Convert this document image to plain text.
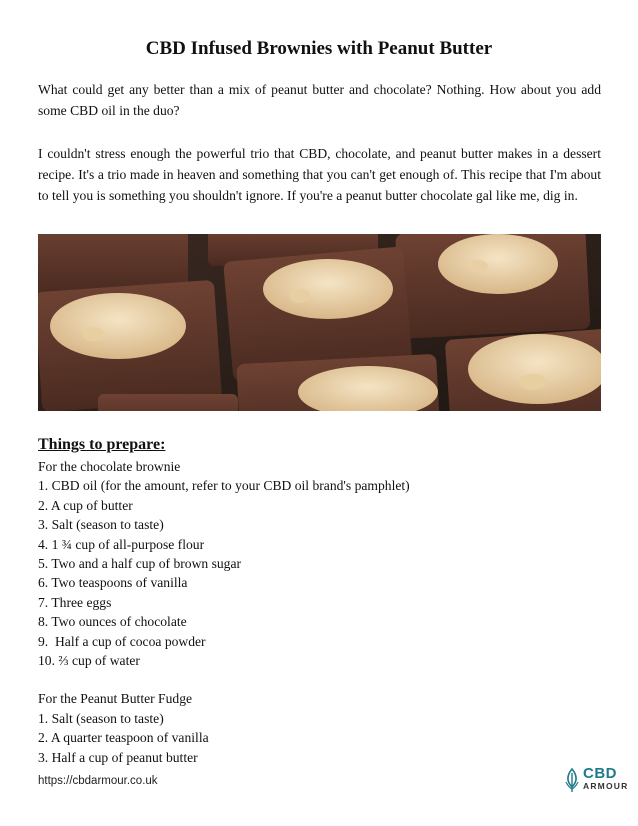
CBD Infused Brownies with Peanut Butter

What could get any better than a mix of peanut butter and chocolate? Nothing. How about you add some CBD oil in the duo?

I couldn't stress enough the powerful trio that CBD, chocolate, and peanut butter makes in a dessert recipe. It's a trio made in heaven and something that you can't get enough of. This recipe that I'm about to tell you is something you shouldn't ignore. If you're a peanut butter chocolate gal like me, dig in.

Things to prepare:

For the chocolate brownie

1. CBD oil (for the amount, refer to your CBD oil brand's pamphlet)

2. A cup of butter

3. Salt (season to taste)

4. 1 ¾ cup of all-purpose flour

5. Two and a half cup of brown sugar

6. Two teaspoons of vanilla

7. Three eggs

8. Two ounces of chocolate

9.  Half a cup of cocoa powder

10. ⅔ cup of water

For the Peanut Butter Fudge

1. Salt (season to taste)

2. A quarter teaspoon of vanilla

3. Half a cup of peanut butter

https://cbdarmour.co.uk	CBD
ARMOUR
